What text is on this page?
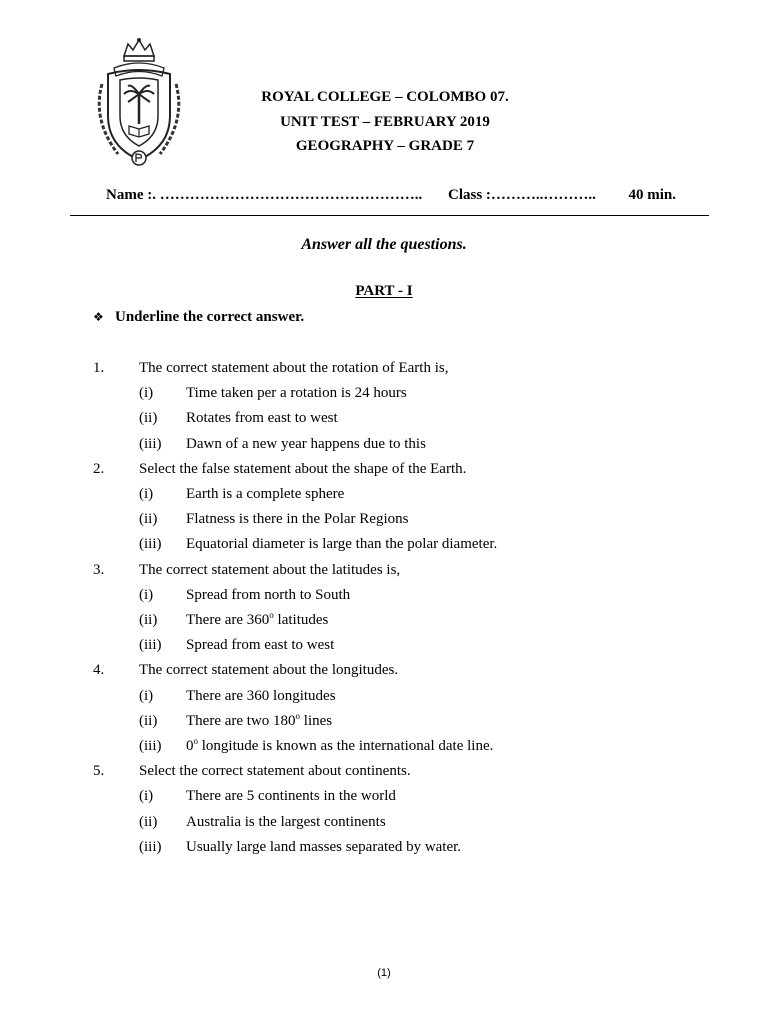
ROYAL COLLEGE – COLOMBO 07.
UNIT TEST – FEBRUARY 2019
GEOGRAPHY – GRADE 7
Name :. …………………………………………….. Class :………..……….. 40 min.
Answer all the questions.
PART - I
❖ Underline the correct answer.
1. The correct statement about the rotation of Earth is,
(i) Time taken per a rotation is 24 hours
(ii) Rotates from east to west
(iii) Dawn of a new year happens due to this
2. Select the false statement about the shape of the Earth.
(i) Earth is a complete sphere
(ii) Flatness is there in the Polar Regions
(iii) Equatorial diameter is large than the polar diameter.
3. The correct statement about the latitudes is,
(i) Spread from north to South
(ii) There are 360$^o$ latitudes
(iii) Spread from east to west
4. The correct statement about the longitudes.
(i) There are 360 longitudes
(ii) There are two 180$^o$ lines
(iii) 0$^o$ longitude is known as the international date line.
5. Select the correct statement about continents.
(i) There are 5 continents in the world
(ii) Australia is the largest continents
(iii) Usually large land masses separated by water.
(1)
